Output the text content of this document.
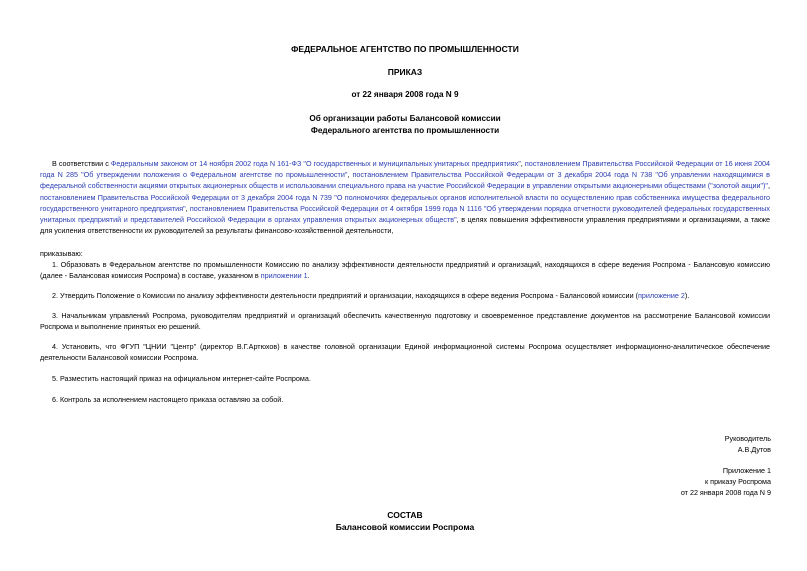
ФЕДЕРАЛЬНОЕ АГЕНТСТВО ПО ПРОМЫШЛЕННОСТИ
ПРИКАЗ
от 22 января 2008 года N 9
Об организации работы Балансовой комиссии
Федерального агентства по промышленности
В соответствии с Федеральным законом от 14 ноября 2002 года N 161-ФЗ "О государственных и муниципальных унитарных предприятиях", постановлением Правительства Российской Федерации от 16 июня 2004 года N 285 "Об утверждении положения о Федеральном агентстве по промышленности", постановлением Правительства Российской Федерации от 3 декабря 2004 года N 738 "Об управлении находящимися в федеральной собственности акциями открытых акционерных обществ и использовании специального права на участие Российской Федерации в управлении открытыми акционерными обществами ("золотой акции")", постановлением Правительства Российской Федерации от 3 декабря 2004 года N 739 "О полномочиях федеральных органов исполнительной власти по осуществлению прав собственника имущества федерального государственного унитарного предприятия", постановлением Правительства Российской Федерации от 4 октября 1999 года N 1116 "Об утверждении порядка отчетности руководителей федеральных государственных унитарных предприятий и представителей Российской Федерации в органах управления открытых акционерных обществ", в целях повышения эффективности управления предприятиями и организациями, а также для усиления ответственности их руководителей за результаты финансово-хозяйственной деятельности,
приказываю:
1. Образовать в Федеральном агентстве по промышленности Комиссию по анализу эффективности деятельности предприятий и организаций, находящихся в сфере ведения Роспрома - Балансовую комиссию (далее - Балансовая комиссия Роспрома) в составе, указанном в приложении 1.
2. Утвердить Положение о Комиссии по анализу эффективности деятельности предприятий и организации, находящихся в сфере ведения Роспрома - Балансовой комиссии (приложение 2).
3. Начальникам управлений Роспрома, руководителям предприятий и организаций обеспечить качественную подготовку и своевременное представление документов на рассмотрение Балансовой комиссии Роспрома и выполнение принятых ею решений.
4. Установить, что ФГУП "ЦНИИ "Центр" (директор В.Г.Артюхов) в качестве головной организации Единой информационной системы Роспрома осуществляет информационно-аналитическое обеспечение деятельности Балансовой комиссии Роспрома.
5. Разместить настоящий приказ на официальном интернет-сайте Роспрома.
6. Контроль за исполнением настоящего приказа оставляю за собой.
СОСТАВ
Балансовой комиссии Роспрома
Руководитель
А.В.Дутов
Приложение 1
к приказу Роспрома
от 22 января 2008 года N 9
